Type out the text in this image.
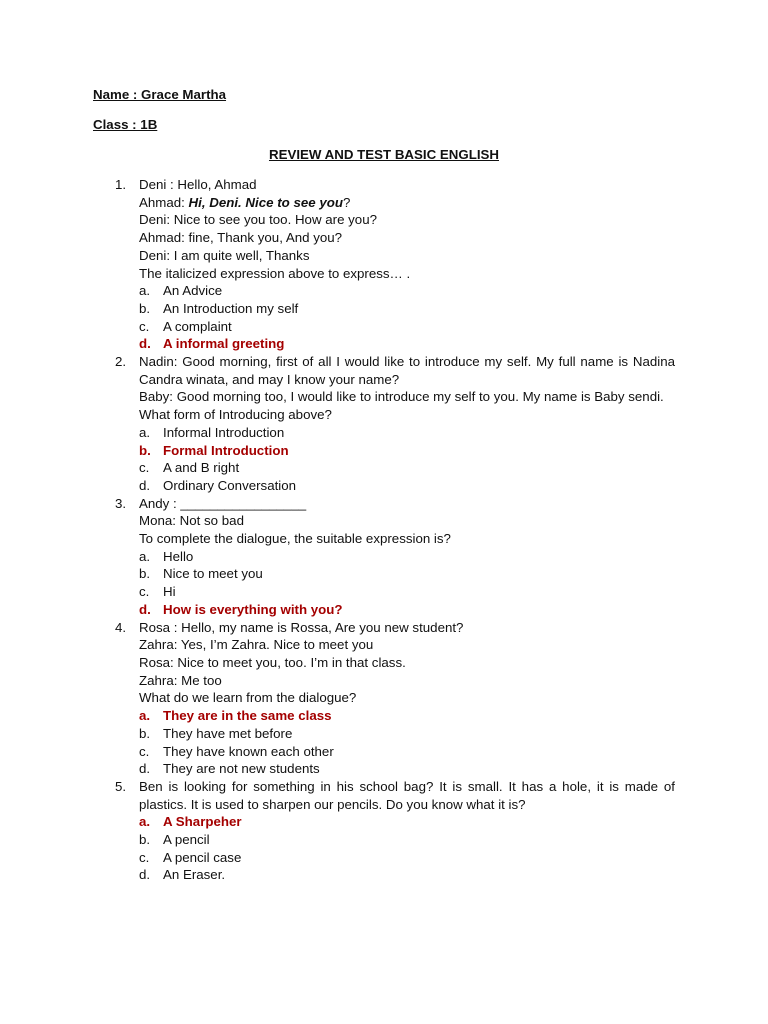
Name : Grace Martha
Class : 1B
REVIEW AND TEST BASIC ENGLISH
1. Deni : Hello, Ahmad
Ahmad: Hi, Deni. Nice to see you?
Deni: Nice to see you too. How are you?
Ahmad: fine, Thank you, And you?
Deni: I am quite well, Thanks
The italicized expression above to express… .
a. An Advice
b. An Introduction my self
c. A complaint
d. A informal greeting
2. Nadin: Good morning, first of all I would like to introduce my self. My full name is Nadina Candra winata, and may I know your name?
Baby: Good morning too, I would like to introduce my self to you. My name is Baby sendi.
What form of Introducing above?
a. Informal Introduction
b. Formal Introduction
c. A and B right
d. Ordinary Conversation
3. Andy : _________________
Mona: Not so bad
To complete the dialogue, the suitable expression is?
a. Hello
b. Nice to meet you
c. Hi
d. How is everything with you?
4. Rosa : Hello, my name is Rossa, Are you new student?
Zahra: Yes, I’m Zahra. Nice to meet you
Rosa: Nice to meet you, too. I’m in that class.
Zahra: Me too
What do we learn from the dialogue?
a. They are in the same class
b. They have met before
c. They have known each other
d. They are not new students
5. Ben is looking for something in his school bag? It is small. It has a hole, it is made of plastics. It is used to sharpen our pencils. Do you know what it is?
a. A Sharpeher
b. A pencil
c. A pencil case
d. An Eraser.
